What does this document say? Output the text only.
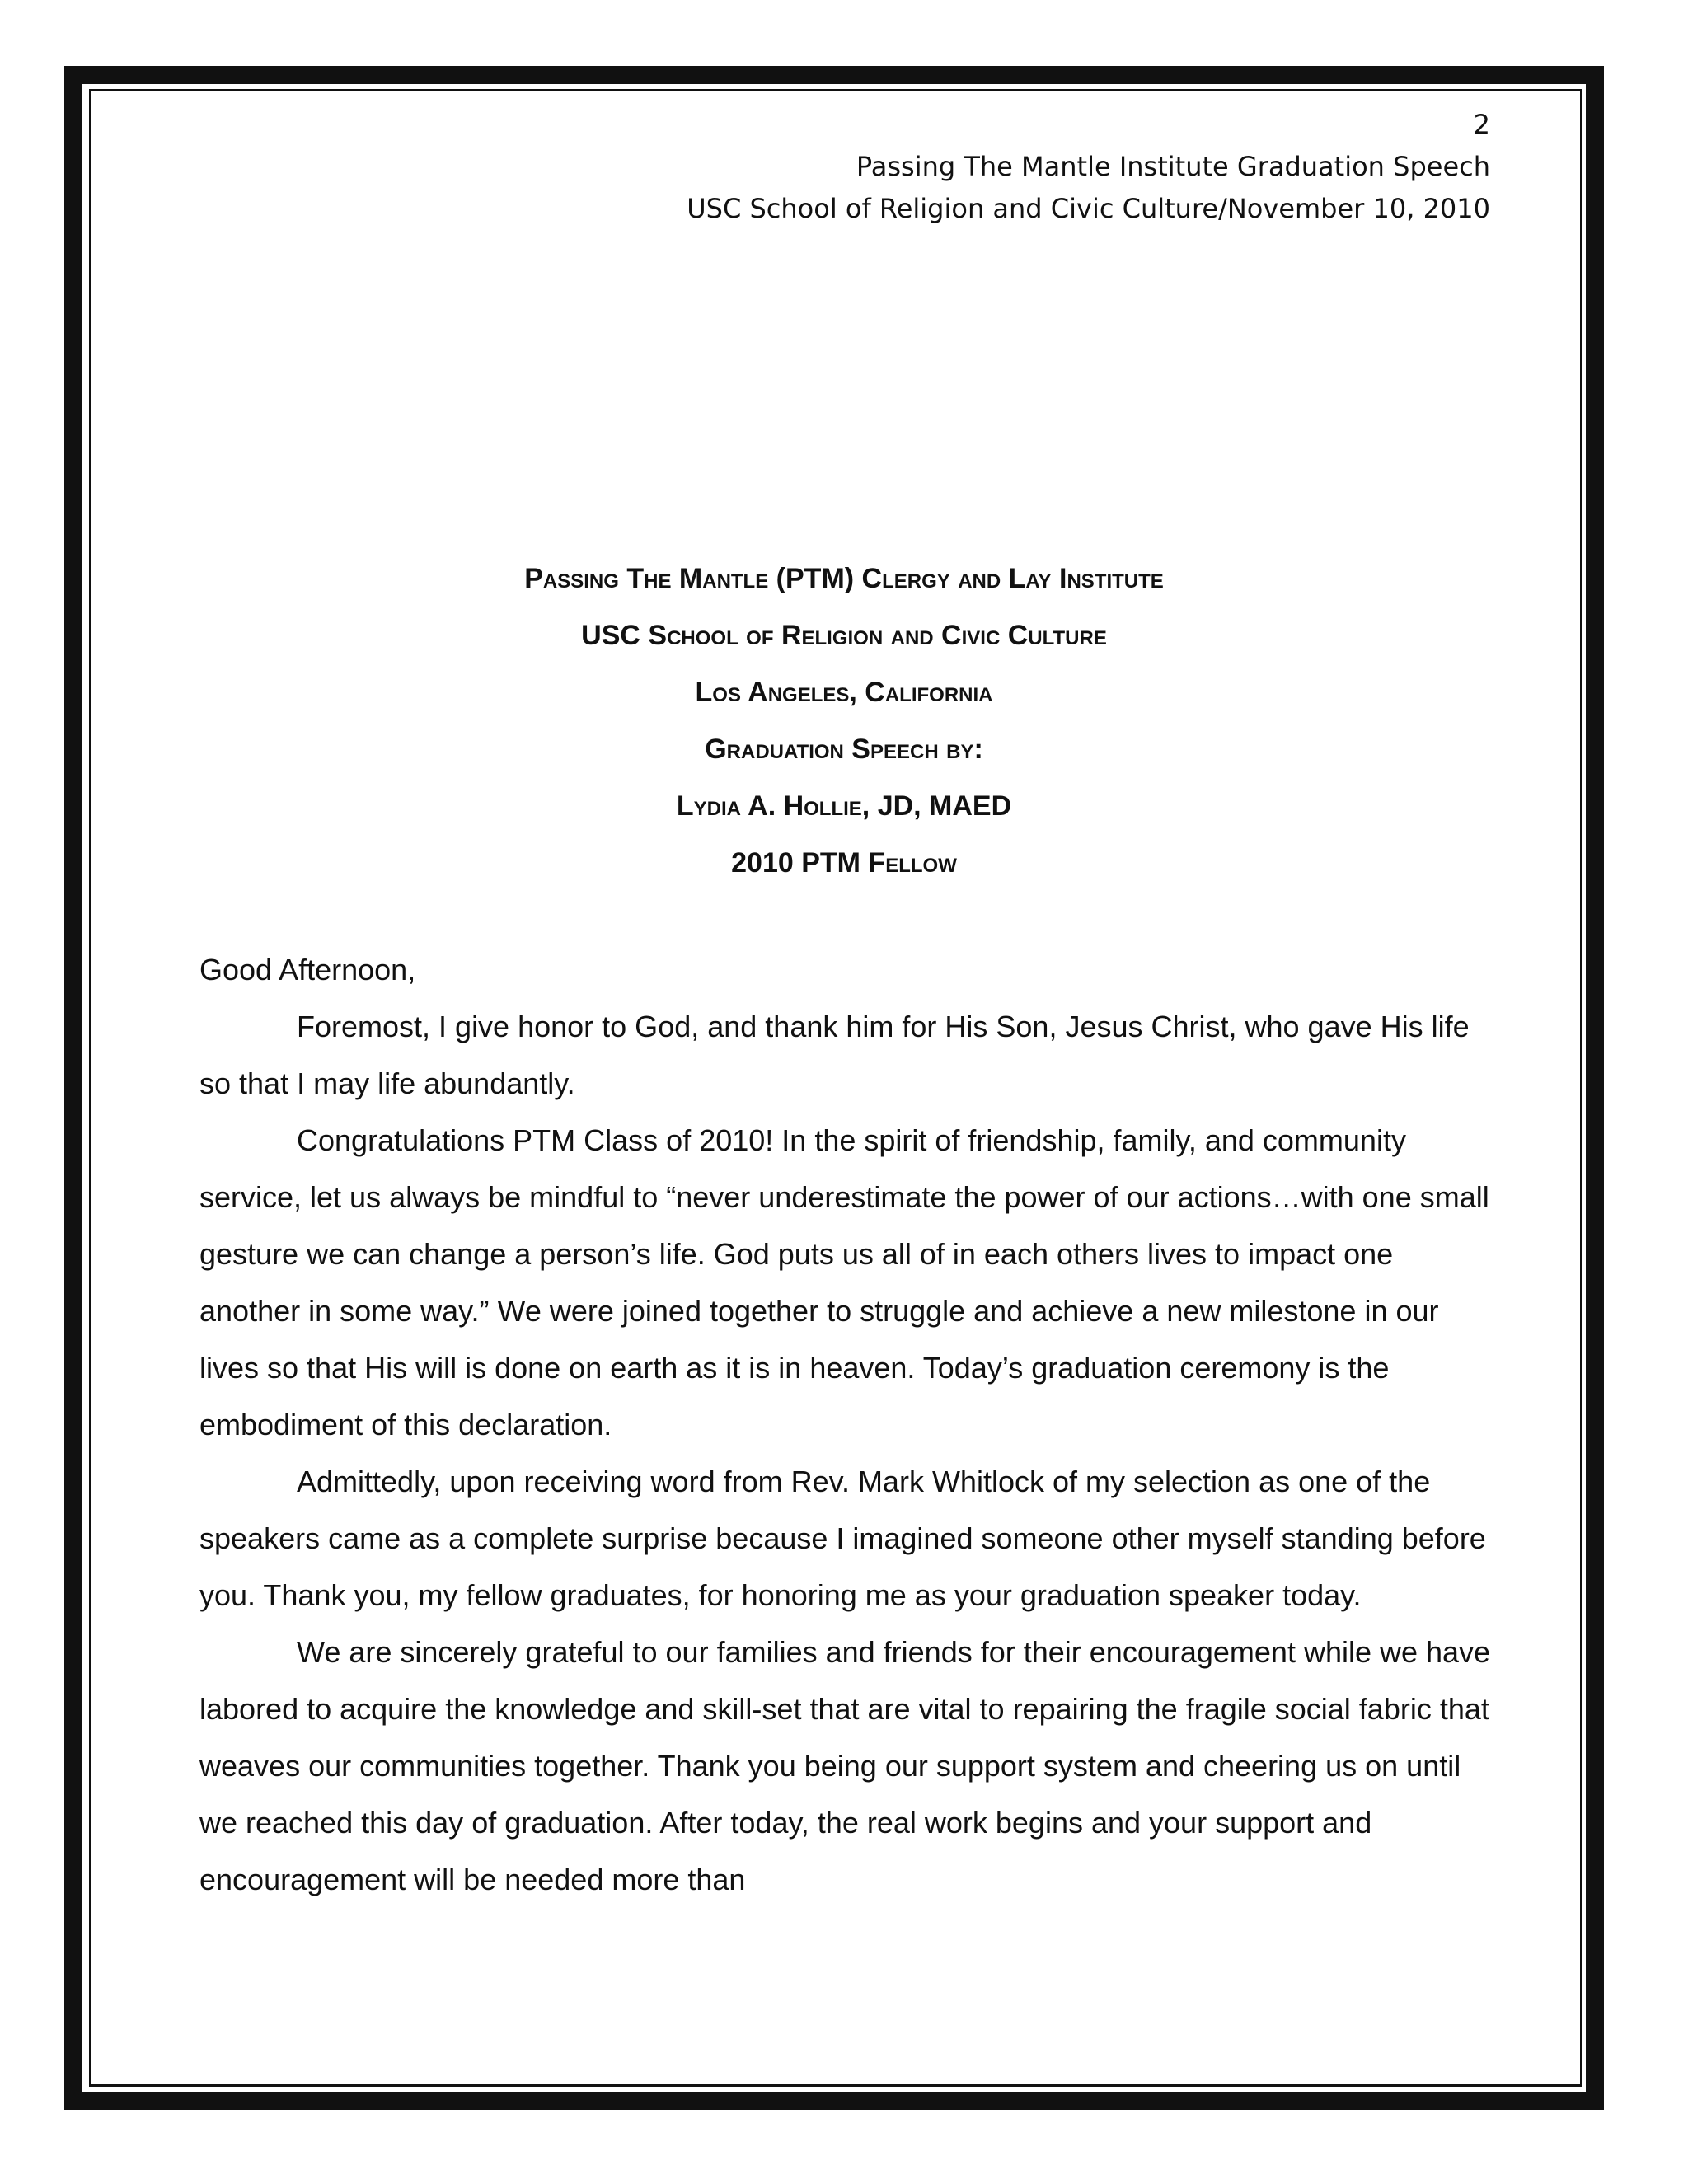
2
Passing The Mantle Institute Graduation Speech
USC School of Religion and Civic Culture/November 10, 2010
Passing The Mantle (PTM) Clergy and Lay Institute
USC School of Religion and Civic Culture
Los Angeles, California
Graduation Speech by:
Lydia A. Hollie, JD, MAED
2010 PTM Fellow

Good Afternoon,

Foremost, I give honor to God, and thank him for His Son, Jesus Christ, who gave His life so that I may life abundantly.

Congratulations PTM Class of 2010! In the spirit of friendship, family, and community service, let us always be mindful to “never underestimate the power of our actions…with one small gesture we can change a person’s life. God puts us all of in each others lives to impact one another in some way.” We were joined together to struggle and achieve a new milestone in our lives so that His will is done on earth as it is in heaven. Today’s graduation ceremony is the embodiment of this declaration.

Admittedly, upon receiving word from Rev. Mark Whitlock of my selection as one of the speakers came as a complete surprise because I imagined someone other myself standing before you. Thank you, my fellow graduates, for honoring me as your graduation speaker today.

We are sincerely grateful to our families and friends for their encouragement while we have labored to acquire the knowledge and skill-set that are vital to repairing the fragile social fabric that weaves our communities together. Thank you being our support system and cheering us on until we reached this day of graduation. After today, the real work begins and your support and encouragement will be needed more than
